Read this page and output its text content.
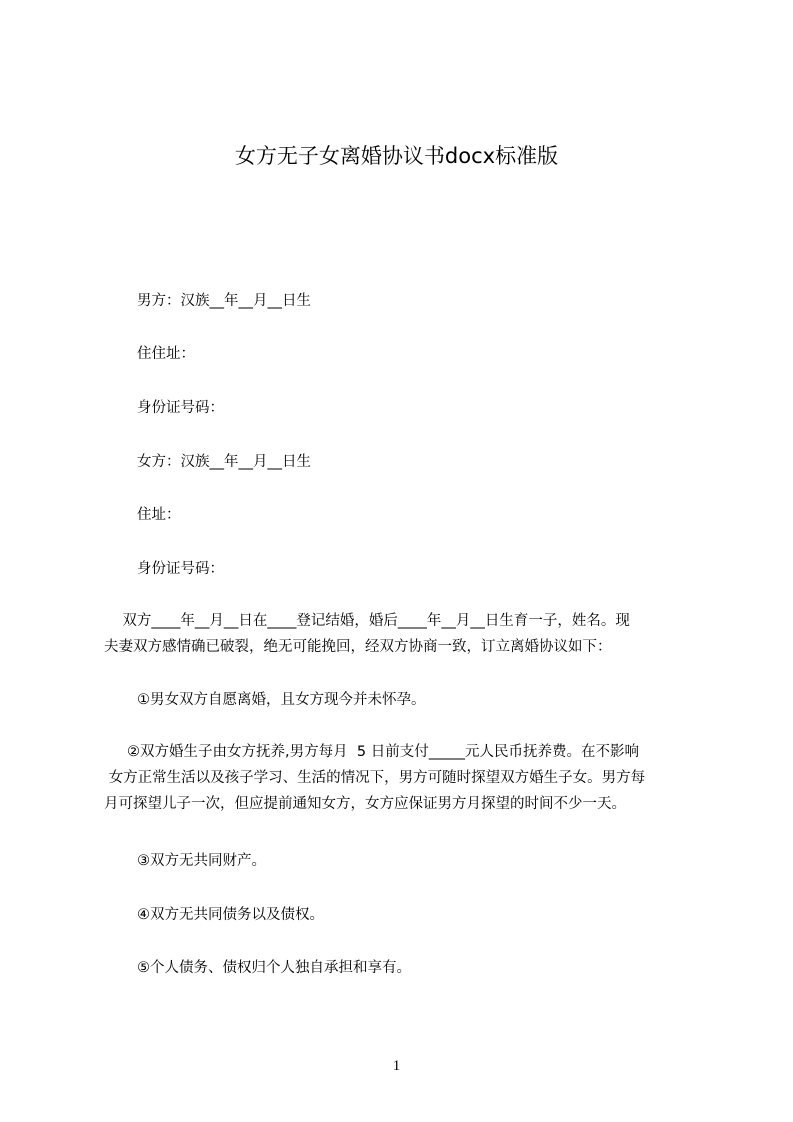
女方无子女离婚协议书docx标准版
男方：汉族__年__月__日生
住住址：
身份证号码：
女方：汉族__年__月__日生
住址：
身份证号码：
双方____年__月__日在____登记结婚，婚后____年__月__日生育一子，姓名。现
夫妻双方感情确已破裂，绝无可能挽回，经双方协商一致，订立离婚协议如下：
①男女双方自愿离婚，且女方现今并未怀孕。
②双方婚生子由女方抚养,男方每月  5 日前支付_____元人民币抚养费。在不影响
女方正常生活以及孩子学习、生活的情况下，男方可随时探望双方婚生子女。男方每
月可探望儿子一次，但应提前通知女方，女方应保证男方月探望的时间不少一天。
③双方无共同财产。
④双方无共同债务以及债权。
⑤个人债务、债权归个人独自承担和享有。
1
